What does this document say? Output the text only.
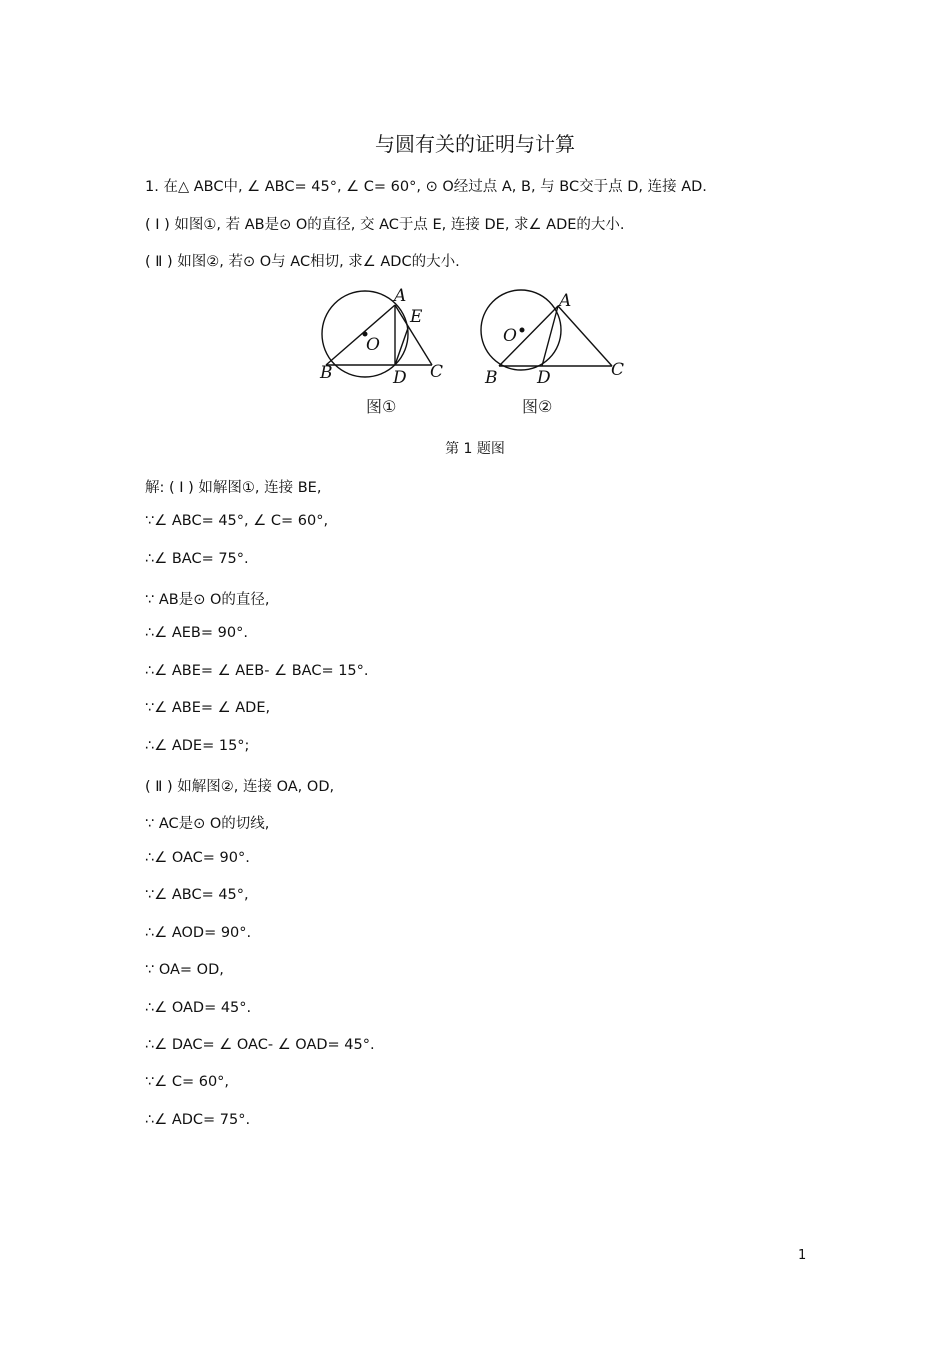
与圆有关的证明与计算
1. 在△ ABC中, ∠ ABC= 45°, ∠ C= 60°, ⊙ O经过点 A, B, 与 BC交于点 D, 连接 AD.
( Ⅰ ) 如图①, 若 AB是⊙ O的直径, 交 AC于点 E, 连接 DE, 求∠ ADE的大小.
( Ⅱ ) 如图②, 若⊙ O与 AC相切, 求∠ ADC的大小.
A
E
O
B	D C
图①
A
O
B D	C
图②
第 1 题图
解: ( Ⅰ ) 如解图①, 连接 BE,
∵∠ ABC= 45°, ∠ C= 60°,
∴∠ BAC= 75°.
∵ AB是⊙ O的直径,
∴∠ AEB= 90°.
∴∠ ABE= ∠ AEB- ∠ BAC= 15°.
∵∠ ABE= ∠ ADE,
∴∠ ADE= 15°;
( Ⅱ ) 如解图②, 连接 OA, OD,
∵ AC是⊙ O的切线,
∴∠ OAC= 90°.
∵∠ ABC= 45°,
∴∠ AOD= 90°.
∵ OA= OD,
∴∠ OAD= 45°.
∴∠ DAC= ∠ OAC- ∠ OAD= 45°.
∵∠ C= 60°,
∴∠ ADC= 75°.
1
